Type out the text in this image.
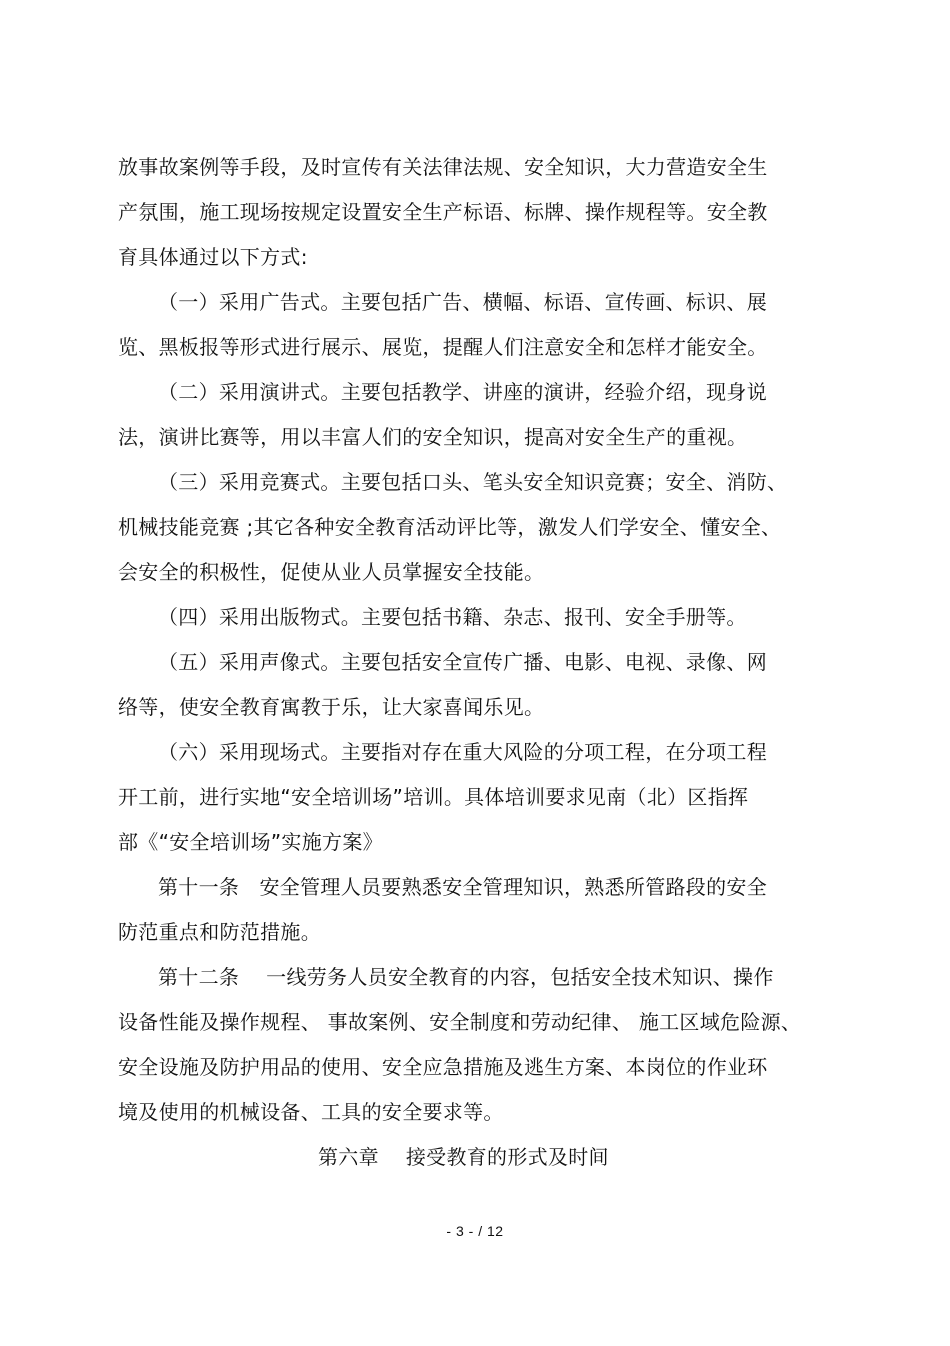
放事故案例等手段，及时宣传有关法律法规、安全知识，大力营造安全生
产氛围，施工现场按规定设置安全生产标语、标牌、操作规程等。安全教
育具体通过以下方式:
（一）采用广告式。主要包括广告、横幅、标语、宣传画、标识、展
览、黑板报等形式进行展示、展览，提醒人们注意安全和怎样才能安全。
（二）采用演讲式。主要包括教学、讲座的演讲，经验介绍，现身说
法，演讲比赛等，用以丰富人们的安全知识，提高对安全生产的重视。
（三）采用竞赛式。主要包括口头、笔头安全知识竞赛；安全、消防、
机械技能竞赛 ;其它各种安全教育活动评比等，激发人们学安全、懂安全、
会安全的积极性，促使从业人员掌握安全技能。
（四）采用出版物式。主要包括书籍、杂志、报刊、安全手册等。
（五）采用声像式。主要包括安全宣传广播、电影、电视、录像、网
络等，使安全教育寓教于乐，让大家喜闻乐见。
（六）采用现场式。主要指对存在重大风险的分项工程，在分项工程
开工前，进行实地“安全培训场”培训。具体培训要求见南（北）区指挥
部《“安全培训场”实施方案》
第十一条　安全管理人员要熟悉安全管理知识，熟悉所管路段的安全
防范重点和防范措施。
第十二条　 一线劳务人员安全教育的内容，包括安全技术知识、操作
设备性能及操作规程、 事故案例、安全制度和劳动纪律、 施工区域危险源、
安全设施及防护用品的使用、安全应急措施及逃生方案、本岗位的作业环
境及使用的机械设备、工具的安全要求等。
第六章　 接受教育的形式及时间
- 3 - / 12
